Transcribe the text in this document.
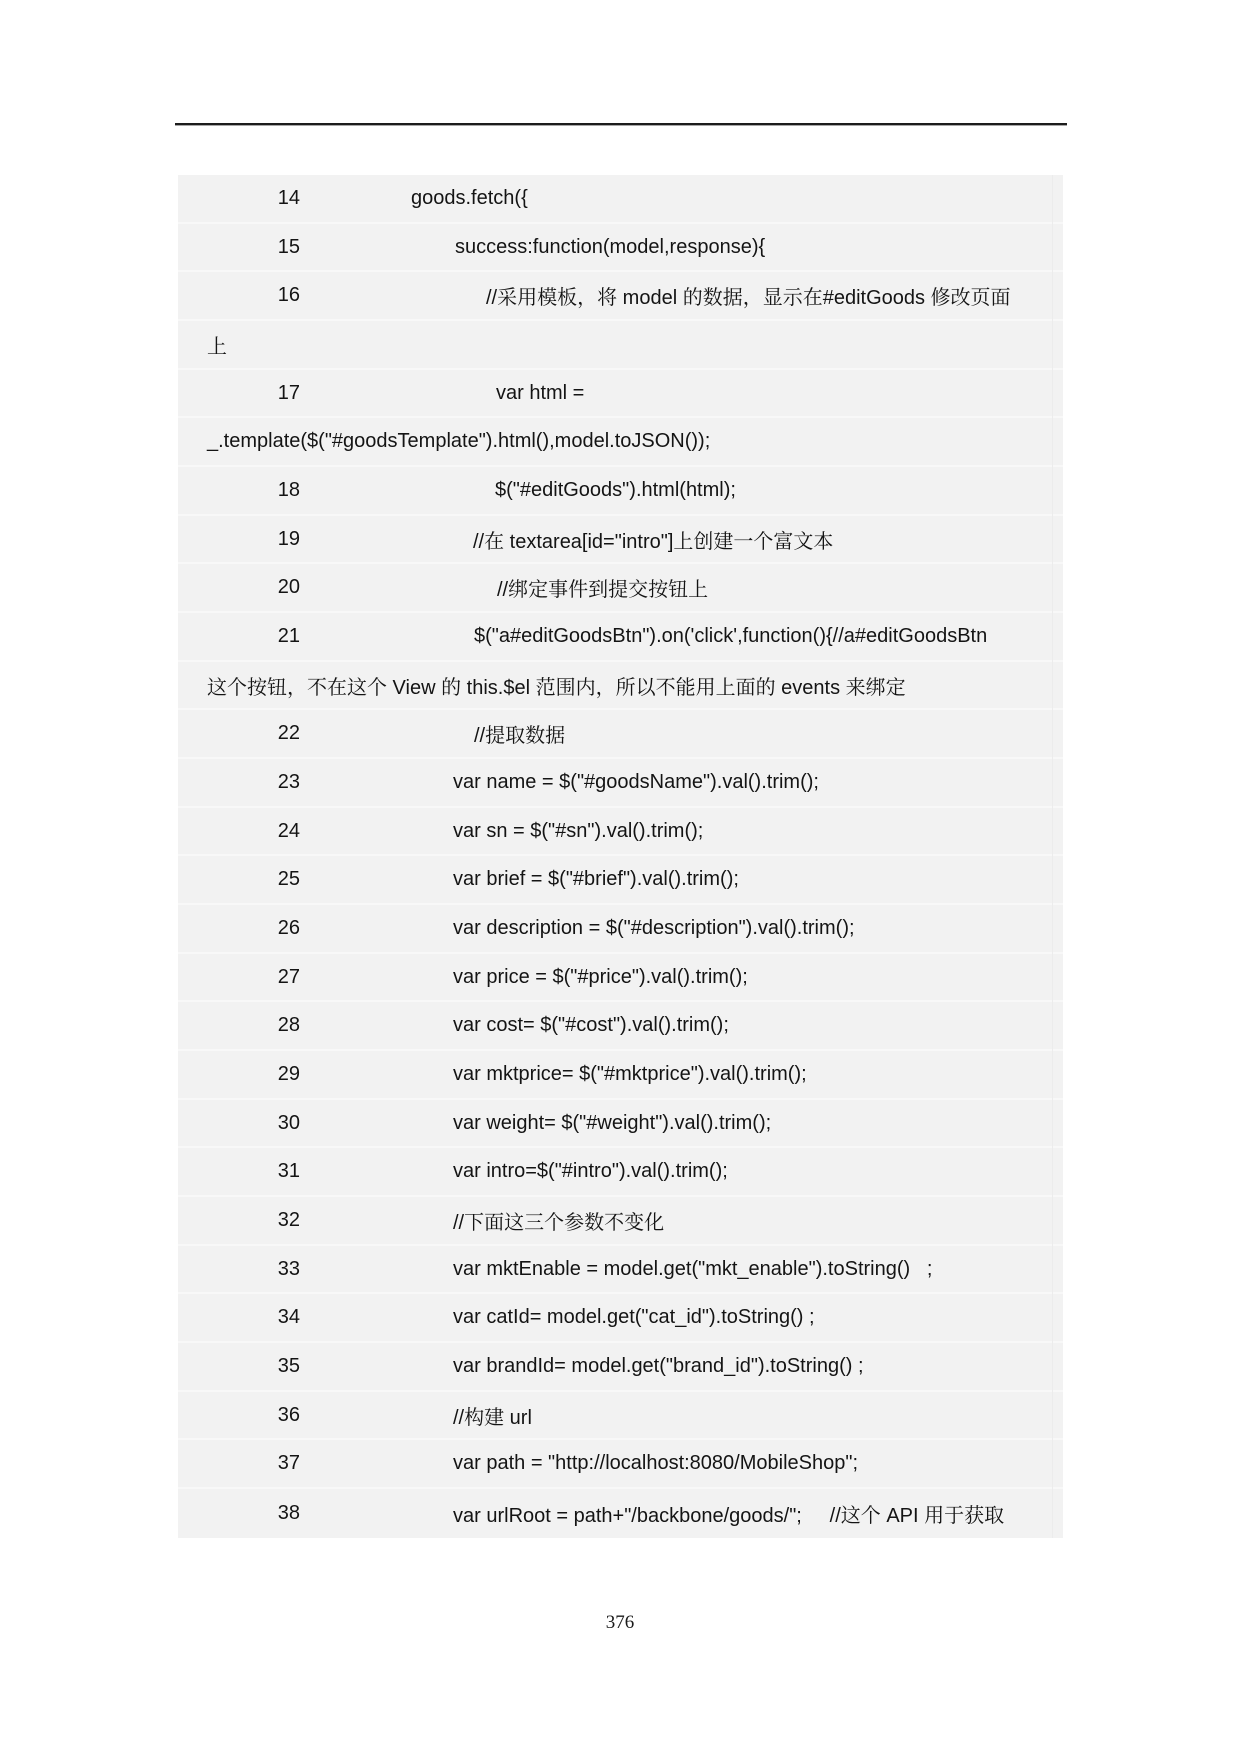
14	goods.fetch({
15	success:function(model,response){
16	//采用模板，将 model 的数据，显示在#editGoods 修改页面
上
17	var html =
_.template($("#goodsTemplate").html(),model.toJSON());
18	$("#editGoods").html(html);
19	//在 textarea[id="intro"]上创建一个富文本
20	//绑定事件到提交按钮上
21	$("a#editGoodsBtn").on('click',function(){//a#editGoodsBtn
这个按钮，不在这个 View 的 this.$el 范围内，所以不能用上面的 events 来绑定
22	//提取数据
23	var name = $("#goodsName").val().trim();
24	var sn = $("#sn").val().trim();
25	var brief = $("#brief").val().trim();
26	var description = $("#description").val().trim();
27	var price = $("#price").val().trim();
28	var cost= $("#cost").val().trim();
29	var mktprice= $("#mktprice").val().trim();
30	var weight= $("#weight").val().trim();
31	var intro=$("#intro").val().trim();
32	//下面这三个参数不变化
33	var mktEnable = model.get("mkt_enable").toString()   ;
34	var catId= model.get("cat_id").toString() ;
35	var brandId= model.get("brand_id").toString() ;
36	//构建 url
37	var path = "http://localhost:8080/MobileShop";
38	var urlRoot = path+"/backbone/goods/";     //这个 API 用于获取
376
